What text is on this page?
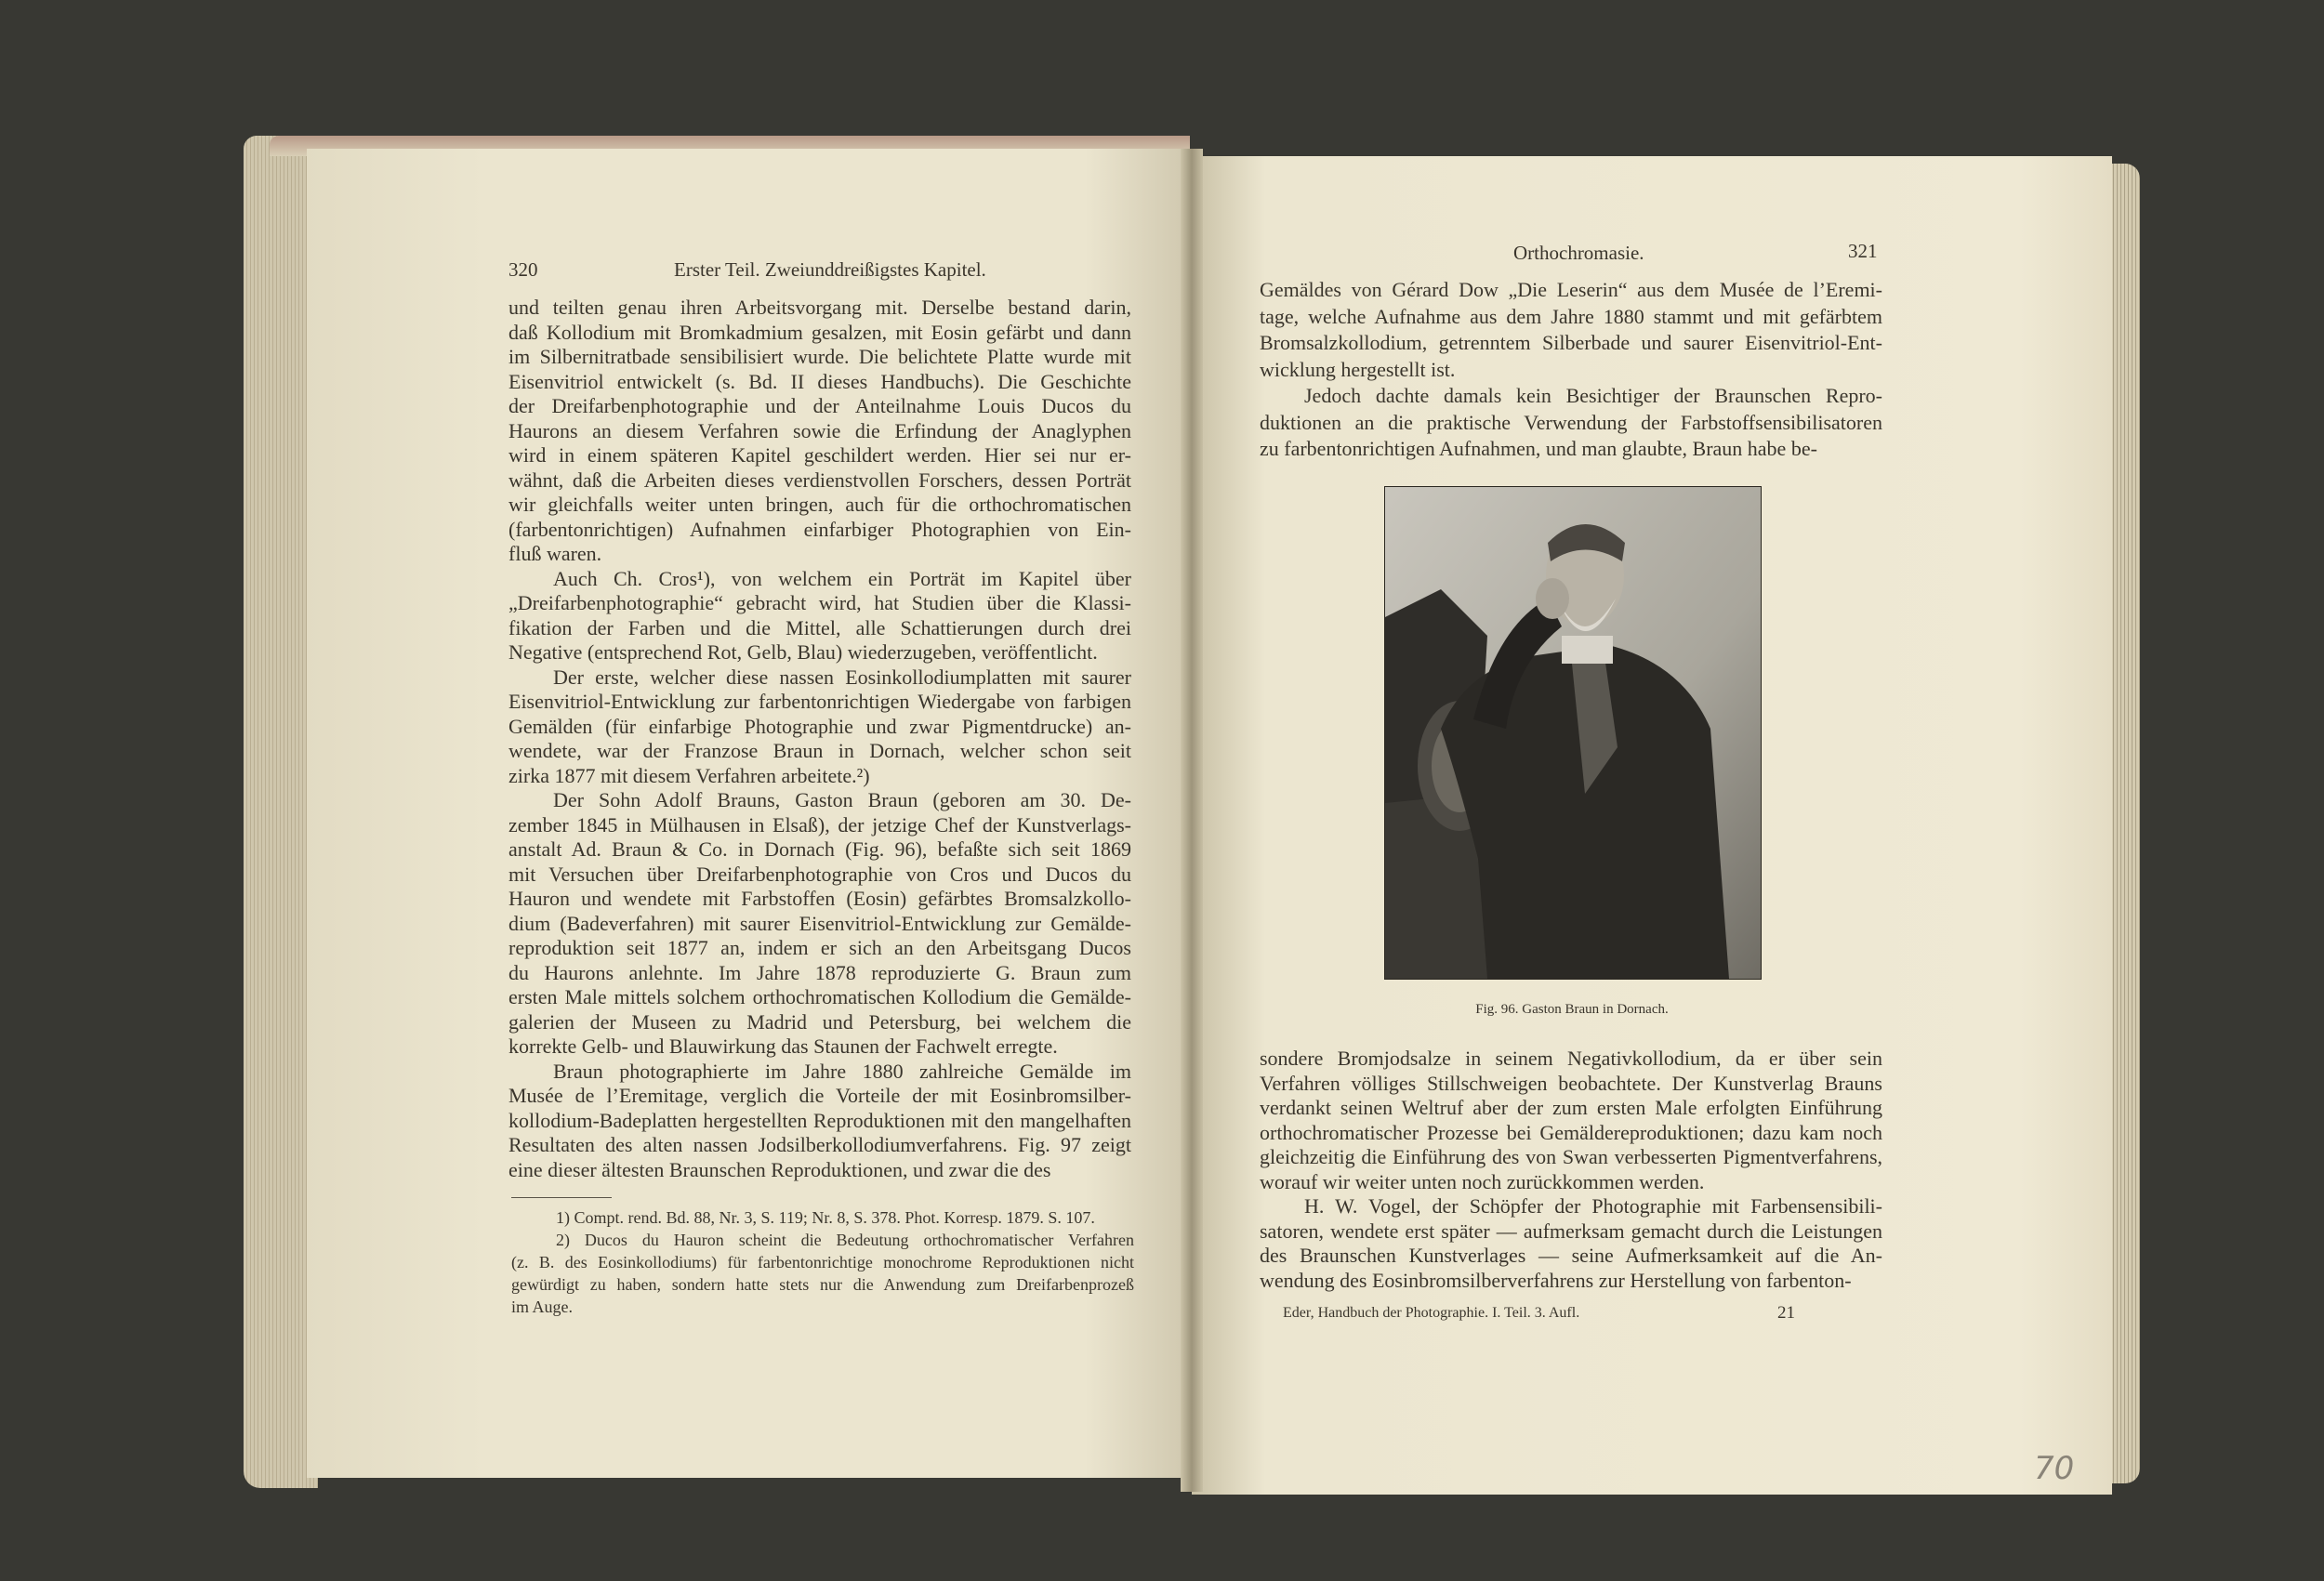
320	Erster Teil. Zweiunddreißigstes Kapitel.
und teilten genau ihren Arbeitsvorgang mit. Derselbe bestand darin,
daß Kollodium mit Bromkadmium gesalzen, mit Eosin gefärbt und dann
im Silbernitratbade sensibilisiert wurde. Die belichtete Platte wurde mit
Eisenvitriol entwickelt (s. Bd. II dieses Handbuchs). Die Geschichte
der Dreifarbenphotographie und der Anteilnahme Louis Ducos du
Haurons an diesem Verfahren sowie die Erfindung der Anaglyphen
wird in einem späteren Kapitel geschildert werden. Hier sei nur er-
wähnt, daß die Arbeiten dieses verdienstvollen Forschers, dessen Porträt
wir gleichfalls weiter unten bringen, auch für die orthochromatischen
(farbentonrichtigen) Aufnahmen einfarbiger Photographien von Ein-
fluß waren.
Auch Ch. Cros¹), von welchem ein Porträt im Kapitel über
„Dreifarbenphotographie“ gebracht wird, hat Studien über die Klassi-
fikation der Farben und die Mittel, alle Schattierungen durch drei
Negative (entsprechend Rot, Gelb, Blau) wiederzugeben, veröffentlicht.
Der erste, welcher diese nassen Eosinkollodiumplatten mit saurer
Eisenvitriol-Entwicklung zur farbentonrichtigen Wiedergabe von farbigen
Gemälden (für einfarbige Photographie und zwar Pigmentdrucke) an-
wendete, war der Franzose Braun in Dornach, welcher schon seit
zirka 1877 mit diesem Verfahren arbeitete.²)
Der Sohn Adolf Brauns, Gaston Braun (geboren am 30. De-
zember 1845 in Mülhausen in Elsaß), der jetzige Chef der Kunstverlags-
anstalt Ad. Braun & Co. in Dornach (Fig. 96), befaßte sich seit 1869
mit Versuchen über Dreifarbenphotographie von Cros und Ducos du
Hauron und wendete mit Farbstoffen (Eosin) gefärbtes Bromsalzkollo-
dium (Badeverfahren) mit saurer Eisenvitriol-Entwicklung zur Gemälde-
reproduktion seit 1877 an, indem er sich an den Arbeitsgang Ducos
du Haurons anlehnte. Im Jahre 1878 reproduzierte G. Braun zum
ersten Male mittels solchem orthochromatischen Kollodium die Gemälde-
galerien der Museen zu Madrid und Petersburg, bei welchem die
korrekte Gelb- und Blauwirkung das Staunen der Fachwelt erregte.
Braun photographierte im Jahre 1880 zahlreiche Gemälde im
Musée de l’Eremitage, verglich die Vorteile der mit Eosinbromsilber-
kollodium-Badeplatten hergestellten Reproduktionen mit den mangelhaften
Resultaten des alten nassen Jodsilberkollodiumverfahrens. Fig. 97 zeigt
eine dieser ältesten Braunschen Reproduktionen, und zwar die des
1) Compt. rend. Bd. 88, Nr. 3, S. 119; Nr. 8, S. 378. Phot. Korresp. 1879. S. 107.
2) Ducos du Hauron scheint die Bedeutung orthochromatischer Verfahren
(z. B. des Eosinkollodiums) für farbentonrichtige monochrome Reproduktionen nicht
gewürdigt zu haben, sondern hatte stets nur die Anwendung zum Dreifarbenprozeß
im Auge.
Orthochromasie.	321
Gemäldes von Gérard Dow „Die Leserin“ aus dem Musée de l’Eremi-
tage, welche Aufnahme aus dem Jahre 1880 stammt und mit gefärbtem
Bromsalzkollodium, getrenntem Silberbade und saurer Eisenvitriol-Ent-
wicklung hergestellt ist.
Jedoch dachte damals kein Besichtiger der Braunschen Repro-
duktionen an die praktische Verwendung der Farbstoffsensibilisatoren
zu farbentonrichtigen Aufnahmen, und man glaubte, Braun habe be-
Fig. 96. Gaston Braun in Dornach.
sondere Bromjodsalze in seinem Negativkollodium, da er über sein
Verfahren völliges Stillschweigen beobachtete. Der Kunstverlag Brauns
verdankt seinen Weltruf aber der zum ersten Male erfolgten Einführung
orthochromatischer Prozesse bei Gemäldereproduktionen; dazu kam noch
gleichzeitig die Einführung des von Swan verbesserten Pigmentverfahrens,
worauf wir weiter unten noch zurückkommen werden.
H. W. Vogel, der Schöpfer der Photographie mit Farbensensibili-
satoren, wendete erst später — aufmerksam gemacht durch die Leistungen
des Braunschen Kunstverlages — seine Aufmerksamkeit auf die An-
wendung des Eosinbromsilberverfahrens zur Herstellung von farbenton-
Eder, Handbuch der Photographie. I. Teil. 3. Aufl.	21
70
